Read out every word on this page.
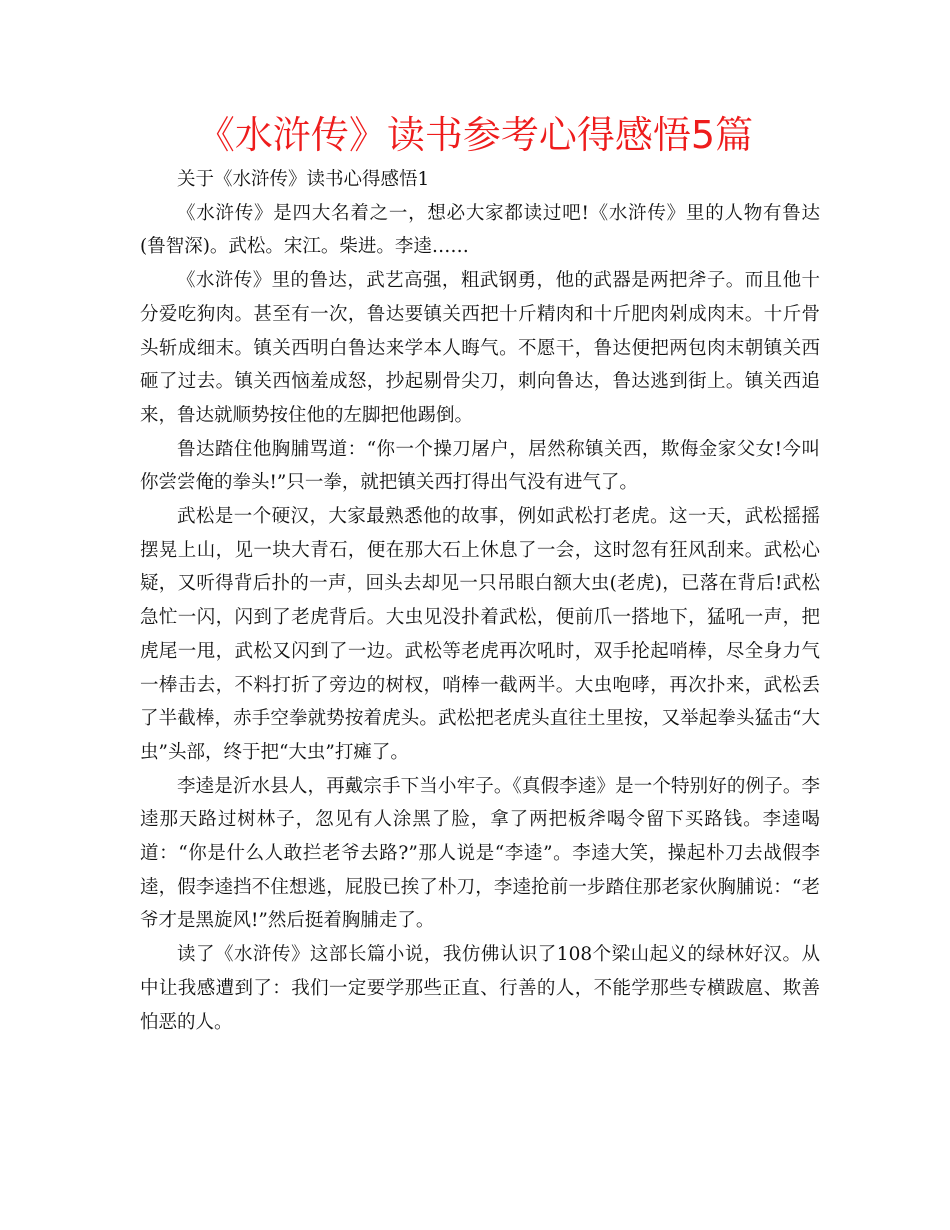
《水浒传》读书参考心得感悟5篇

关于《水浒传》读书心得感悟1

《水浒传》是四大名着之一，想必大家都读过吧!《水浒传》里的人物有鲁达(鲁智深)。武松。宋江。柴进。李逵……

《水浒传》里的鲁达，武艺高强，粗武钢勇，他的武器是两把斧子。而且他十分爱吃狗肉。甚至有一次，鲁达要镇关西把十斤精肉和十斤肥肉剁成肉末。十斤骨头斩成细末。镇关西明白鲁达来学本人晦气。不愿干，鲁达便把两包肉末朝镇关西砸了过去。镇关西恼羞成怒，抄起剔骨尖刀，刺向鲁达，鲁达逃到街上。镇关西追来，鲁达就顺势按住他的左脚把他踢倒。

鲁达踏住他胸脯骂道：“你一个操刀屠户，居然称镇关西，欺侮金家父女!今叫你尝尝俺的拳头!”只一拳，就把镇关西打得出气没有进气了。

武松是一个硬汉，大家最熟悉他的故事，例如武松打老虎。这一天，武松摇摇摆晃上山，见一块大青石，便在那大石上休息了一会，这时忽有狂风刮来。武松心疑，又听得背后扑的一声，回头去却见一只吊眼白额大虫(老虎)，已落在背后!武松急忙一闪，闪到了老虎背后。大虫见没扑着武松，便前爪一搭地下，猛吼一声，把虎尾一甩，武松又闪到了一边。武松等老虎再次吼时，双手抡起哨棒，尽全身力气一棒击去，不料打折了旁边的树杈，哨棒一截两半。大虫咆哮，再次扑来，武松丢了半截棒，赤手空拳就势按着虎头。武松把老虎头直往土里按，又举起拳头猛击“大虫”头部，终于把“大虫”打瘫了。

李逵是沂水县人，再戴宗手下当小牢子。《真假李逵》是一个特别好的例子。李逵那天路过树林子，忽见有人涂黑了脸，拿了两把板斧喝令留下买路钱。李逵喝道：“你是什么人敢拦老爷去路?”那人说是“李逵”。李逵大笑，操起朴刀去战假李逵，假李逵挡不住想逃，屁股已挨了朴刀，李逵抢前一步踏住那老家伙胸脯说：“老爷才是黑旋风!”然后挺着胸脯走了。

读了《水浒传》这部长篇小说，我仿佛认识了108个梁山起义的绿林好汉。从中让我感遭到了：我们一定要学那些正直、行善的人，不能学那些专横跋扈、欺善怕恶的人。
